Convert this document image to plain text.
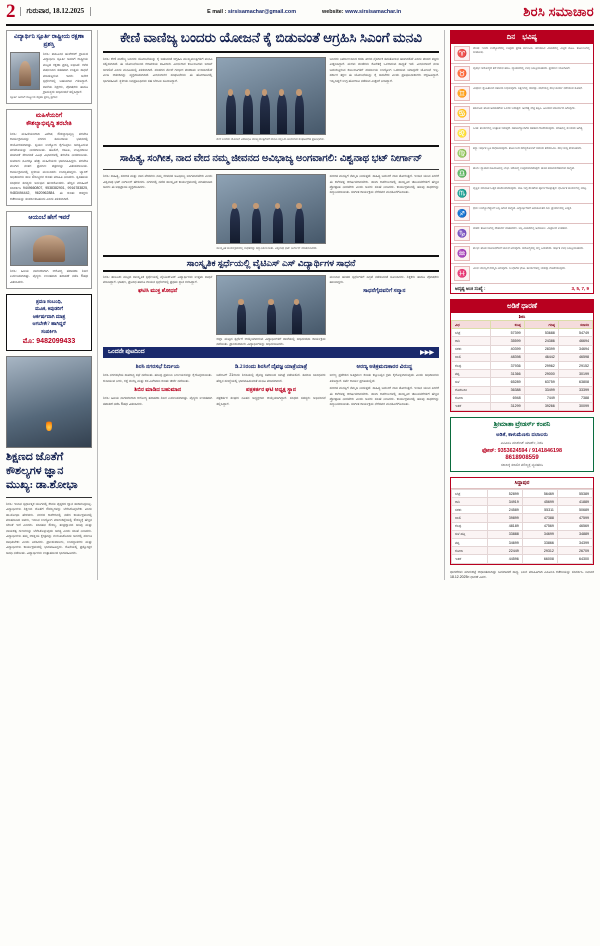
2	ಗುರುವಾರ, 18.12.2025	E mail : sirsisamachar@gmail.com	website: www.sirsisamachar.in	ಶಿರಸಿ ಸಮಾಚಾರ
ವಿದ್ಯಾರ್ಥಿನಿ ಸ್ಪೂರ್ತಿ ರಾಷ್ಟ್ರೀಯ ರಕ್ಷಣಾ ಪ್ರಶಸ್ತಿ
ಶಿರಸಿ: ತಾಲೂಕಿನ ಹುಲೇಕಲ್ ಗ್ರಾಮದ ವಿದ್ಯಾರ್ಥಿನಿ ಸ್ಪೂರ್ತಿ ಅವರಿಗೆ ರಾಷ್ಟ್ರೀಯ ಮಟ್ಟದ ರಕ್ಷಣಾ ಪ್ರಶಸ್ತಿ ಲಭಿಸಿದೆ. ಕಳೆದ ವರ್ಷದಿಂದ ಸತತವಾಗಿ ಉತ್ತಮ ಸಾಧನೆ ಮಾಡುತ್ತಿರುವ ಇವರು ಅನೇಕ ಸ್ಪರ್ಧೆಗಳಲ್ಲಿ ಬಹುಮಾನ ಗಳಿಸಿದ್ದಾರೆ. ಶಾಲೆಯ ಶಿಕ್ಷಕರು, ಪೋಷಕರು ಹಾಗೂ ಗ್ರಾಮಸ್ಥರು ಅಭಿನಂದನೆ ಸಲ್ಲಿಸಿದ್ದಾರೆ.
ಸ್ಪೂರ್ತಿ ಅವರಿಗೆ ರಾಷ್ಟ್ರೀಯ ರಕ್ಷಣಾ ಪ್ರಶಸ್ತಿ ಪ್ರದಾನ
ಮಹಿಳೆಯರಿಗೆ
ಕೌಶಲ್ಯಾಭಿವೃದ್ಧಿ ತರಬೇತಿ
ಶಿರಸಿ: ಮಹಿಳೆಯರಿಗಾಗಿ ವಿಶೇಷ ಕೌಶಲ್ಯಾಭಿವೃದ್ಧಿ ತರಬೇತಿ ಕಾರ್ಯಕ್ರಮವನ್ನು ನಗರದ ಸಮುದಾಯ ಭವನದಲ್ಲಿ ಆಯೋಜಿಸಲಾಗಿತ್ತು. ಸ್ವಯಂ ಉದ್ಯೋಗ ಕೈಗೊಳ್ಳಲು ಅಗತ್ಯವಿರುವ ತರಬೇತಿಯನ್ನು ನೀಡಲಾಯಿತು. ಹೊಲಿಗೆ, ಕಸೂತಿ, ಉಪ್ಪಿನಕಾಯಿ ತಯಾರಿಕೆ ಸೇರಿದಂತೆ ವಿವಿಧ ವಿಭಾಗಗಳಲ್ಲಿ ತರಬೇತಿ ನೀಡಲಾಯಿತು. ಸುಮಾರು ನೂರಕ್ಕೂ ಹೆಚ್ಚು ಮಹಿಳೆಯರು ಭಾಗವಹಿಸಿದ್ದರು. ತರಬೇತಿ ಮುಗಿದ ನಂತರ ಪ್ರಮಾಣ ಪತ್ರಗಳನ್ನು ವಿತರಿಸಲಾಯಿತು. ಕಾರ್ಯಕ್ರಮದಲ್ಲಿ ಸ್ಥಳೀಯ ಮುಖಂಡರು ಉಪಸ್ಥಿತರಿದ್ದರು. ಬ್ಯಾಂಕ್ ಅಧಿಕಾರಿಗಳು ಸಾಲ ಸೌಲಭ್ಯಗಳ ಕುರಿತು ಮಾಹಿತಿ ನೀಡಿದರು. ಸ್ವಸಹಾಯ ಸಂಘಗಳ ಸದಸ್ಯರು ಅನುಭವ ಹಂಚಿಕೊಂಡರು. ಹೆಚ್ಚಿನ ಮಾಹಿತಿಗೆ ಸಂಪರ್ಕಿಸಿ 9449660807, 9538382901, 9916783825, 9483494442, 9620962884. ಈ ಕುರಿತು ಆಸಕ್ತರು ಕಚೇರಿಯನ್ನು ಸಂಪರ್ಕಿಸಬಹುದು ಎಂದು ತಿಳಿಸಲಾಗಿದೆ.
ಆಯಂಬೆ ಹೇಗೆ ಇವರೆ
ಶಿರಸಿ: ಹಿರಿಯ ನಾಗರಿಕರಿಗಾಗಿ ಆರೋಗ್ಯ ತಪಾಸಣಾ ಶಿಬಿರ ಏರ್ಪಡಿಸಲಾಗಿತ್ತು. ವೈದ್ಯರು ಉಚಿತವಾಗಿ ತಪಾಸಣೆ ನಡೆಸಿ ಔಷಧ ವಿತರಿಸಿದರು.
ಶ್ರವಣ ಸಂಬಂಧಿ,
ಮೂಕ, ಕಿವುಡರಿಗೆ
ಆರ್ಕರ್ಷವಾಗಿ ಮಾತ್ರ
ಆಗಬೇಕೇ? ಹಾಗಿದ್ದರೆ
ಸಂಪರ್ಕಿಸಿ
ಮೊ: 9482099433
ಶಿಕ್ಷಣದ ಜೊತೆಗೆ ಕೌಶಲ್ಯಗಳ ಜ್ಞಾನ ಮುಖ್ಯ: ಡಾ.ಶೋಭಾ
ಶಿರಸಿ: ಇಂದಿನ ಸ್ಪರ್ಧಾತ್ಮಕ ಯುಗದಲ್ಲಿ ಕೇವಲ ಪುಸ್ತಕದ ಜ್ಞಾನ ಸಾಕಾಗುವುದಿಲ್ಲ. ವಿದ್ಯಾರ್ಥಿಗಳು ಶಿಕ್ಷಣದ ಜೊತೆಗೆ ಕೌಶಲ್ಯಗಳನ್ನು ಬೆಳೆಸಿಕೊಳ್ಳಬೇಕು ಎಂದು ಡಾ.ಶೋಭಾ ಹೇಳಿದರು. ನಗರದ ಕಾಲೇಜಿನಲ್ಲಿ ನಡೆದ ಕಾರ್ಯಕ್ರಮದಲ್ಲಿ ಮಾತನಾಡಿದ ಅವರು, ಇಂದಿನ ಉದ್ಯೋಗ ಮಾರುಕಟ್ಟೆಯಲ್ಲಿ ಕೌಶಲ್ಯಕ್ಕೆ ಹೆಚ್ಚಿನ ಬೇಡಿಕೆ ಇದೆ ಎಂದರು. ಸಂವಹನ ಕೌಶಲ್ಯ, ತಂತ್ರಜ್ಞಾನದ ಅರಿವು ಮತ್ತು ನಾಯಕತ್ವ ಗುಣಗಳನ್ನು ಬೆಳೆಸಿಕೊಳ್ಳುವುದು ಅಗತ್ಯ ಎಂದು ಸಲಹೆ ನೀಡಿದರು. ವಿದ್ಯಾರ್ಥಿಗಳು ತಮ್ಮ ಆಸಕ್ತಿಯ ಕ್ಷೇತ್ರವನ್ನು ಗುರುತಿಸಿಕೊಂಡು ಅದರಲ್ಲಿ ಪರಿಣತಿ ಸಾಧಿಸಬೇಕು ಎಂದು ತಿಳಿಸಿದರು. ಪ್ರಾಂಶುಪಾಲರು, ಉಪನ್ಯಾಸಕರು ಮತ್ತು ವಿದ್ಯಾರ್ಥಿಗಳು ಕಾರ್ಯಕ್ರಮದಲ್ಲಿ ಭಾಗವಹಿಸಿದ್ದರು. ಕೊನೆಯಲ್ಲಿ ಪ್ರಶ್ನೋತ್ತರ ಅವಧಿ ನಡೆಯಿತು. ವಿದ್ಯಾರ್ಥಿಗಳು ಉತ್ಸಾಹದಿಂದ ಭಾಗವಹಿಸಿದರು.
ಕೇಣಿ ವಾಣಿಜ್ಯ ಬಂದರು ಯೋಜನೆ ಕೈ ಬಿಡುವಂತೆ ಆಗ್ರಹಿಸಿ ಸಿಎಂಗೆ ಮನವಿ
ಶಿರಸಿ: ಕೇಣಿ ವಾಣಿಜ್ಯ ಬಂದರು ಯೋಜನೆಯನ್ನು ಕೈ ಬಿಡುವಂತೆ ಆಗ್ರಹಿಸಿ ಮುಖ್ಯಮಂತ್ರಿಗಳಿಗೆ ಮನವಿ ಸಲ್ಲಿಸಲಾಗಿದೆ. ಈ ಯೋಜನೆಯಿಂದ ಕರಾವಳಿಯ ಸಾವಿರಾರು ಮೀನುಗಾರ ಕುಟುಂಬಗಳು ಬೀದಿಗೆ ಬೀಳಲಿವೆ ಎಂದು ಮನವಿಯಲ್ಲಿ ತಿಳಿಸಲಾಗಿದೆ. ಪರಿಸರದ ಮೇಲೆ ಗಂಭೀರ ಪರಿಣಾಮ ಉಂಟಾಗಲಿದೆ ಎಂಬ ಆತಂಕವನ್ನು ವ್ಯಕ್ತಪಡಿಸಲಾಗಿದೆ. ಮೀನುಗಾರರ ಸಂಘಟನೆಗಳು ಈ ಹೋರಾಟದಲ್ಲಿ ಭಾಗವಹಿಸಿವೆ. ಸ್ಥಳೀಯ ಜನಪ್ರತಿನಿಧಿಗಳು ಸಹ ಬೆಂಬಲ ಸೂಚಿಸಿದ್ದಾರೆ.
ಕೇಣಿ ಬಂದರು ಯೋಜನೆ ವಿರೋಧಿಸಿ ಮುಖ್ಯಮಂತ್ರಿಗಳಿಗೆ ಮನವಿ ಸಲ್ಲಿಸಿದ ಮೀನುಗಾರ ಸಂಘಟನೆಗಳ ಪ್ರತಿನಿಧಿಗಳು.
ಬಂದರು ನಿರ್ಮಾಣದಿಂದ ಕಡಲ ತೀರದ ನೈಸರ್ಗಿಕ ಸಮತೋಲನ ಹಾಳಾಗಲಿದೆ ಎಂದು ಪರಿಸರ ತಜ್ಞರು ಎಚ್ಚರಿಸಿದ್ದಾರೆ. ಮರಳು ದಂಡೆಗಳು ಕೊರೆತಕ್ಕೆ ಒಳಗಾಗುವ ಸಾಧ್ಯತೆ ಇದೆ. ಮೀನುಗಾರಿಕೆ ನಂಬಿ ಬದುಕುತ್ತಿರುವ ಕುಟುಂಬಗಳಿಗೆ ಪರ್ಯಾಯ ಉದ್ಯೋಗ ಒದಗಿಸುವ ಯಾವುದೇ ಯೋಜನೆ ಇಲ್ಲ. ಸರ್ಕಾರ ತಕ್ಷಣ ಈ ಯೋಜನೆಯನ್ನು ಕೈ ಬಿಡಬೇಕು ಎಂದು ಪ್ರತಿಭಟನಾಕಾರರು ಆಗ್ರಹಿಸಿದ್ದಾರೆ. ಇಲ್ಲದಿದ್ದರೆ ಉಗ್ರ ಹೋರಾಟ ನಡೆಸುವ ಎಚ್ಚರಿಕೆ ನೀಡಿದ್ದಾರೆ.
ಸಾಹಿತ್ಯ, ಸಂಗೀತ, ನಾದ ವೇದ ನಮ್ಮ ಜೀವನದ ಅವಿಭಾಜ್ಯ ಅಂಗವಾಗಲಿ: ವಿಶ್ವನಾಥ ಭಟ್ ನೀರ್ಗಾನ್
ಶಿರಸಿ: ಸಾಹಿತ್ಯ, ಸಂಗೀತ ಮತ್ತು ನಾದ ವೇದಗಳು ನಮ್ಮ ಜೀವನದ ಅವಿಭಾಜ್ಯ ಅಂಗವಾಗಬೇಕು ಎಂದು ವಿಶ್ವನಾಥ ಭಟ್ ನೀರ್ಗಾನ್ ಹೇಳಿದರು. ನಗರದಲ್ಲಿ ನಡೆದ ಸಾಂಸ್ಕೃತಿಕ ಕಾರ್ಯಕ್ರಮದಲ್ಲಿ ಮಾತನಾಡಿದ ಅವರು ಈ ಅಭಿಪ್ರಾಯ ವ್ಯಕ್ತಪಡಿಸಿದರು.
ಸಾಂಸ್ಕೃತಿಕ ಕಾರ್ಯಕ್ರಮದಲ್ಲಿ ಸಾಧಕರನ್ನು ಸನ್ಮಾನಿಸಲಾಯಿತು. ವಿಶ್ವನಾಥ ಭಟ್ ನೀರ್ಗಾನ್ ಮಾತನಾಡಿದರು.
ಸಂಗೀತ ಮನಸ್ಸಿಗೆ ನೆಮ್ಮದಿ ನೀಡುತ್ತದೆ. ಸಾಹಿತ್ಯ ಬದುಕಿಗೆ ದಾರಿ ತೋರುತ್ತದೆ. ಇಂದಿನ ಯುವ ಪೀಳಿಗೆ ಈ ಕಲೆಗಳತ್ತ ಆಕರ್ಷಿತರಾಗಬೇಕು. ಶಾಲಾ ಕಾಲೇಜುಗಳಲ್ಲಿ ಸಾಂಸ್ಕೃತಿಕ ಚಟುವಟಿಕೆಗಳಿಗೆ ಹೆಚ್ಚಿನ ಪ್ರೋತ್ಸಾಹ ನೀಡಬೇಕು ಎಂದು ಅವರು ಸಲಹೆ ನೀಡಿದರು. ಕಾರ್ಯಕ್ರಮದಲ್ಲಿ ಹಲವು ಸಾಧಕರನ್ನು ಸನ್ಮಾನಿಸಲಾಯಿತು. ಸಂಗೀತ ಕಾರ್ಯಕ್ರಮ ನೆರೆದವರ ಮನಸೂರೆಗೊಂಡಿತು.
ಸಾಂಸ್ಕೃತಿಕ ಸ್ಪರ್ಧೆಯಲ್ಲಿ ವೈಟಿಎಸ್ ಎಸ್ ವಿದ್ಯಾರ್ಥಿಗಳ ಸಾಧನೆ
ಶಿರಸಿ: ತಾಲೂಕು ಮಟ್ಟದ ಸಾಂಸ್ಕೃತಿಕ ಸ್ಪರ್ಧೆಯಲ್ಲಿ ವೈಟಿಎಸ್ಎಸ್ ವಿದ್ಯಾರ್ಥಿಗಳು ಉತ್ತಮ ಸಾಧನೆ ಮಾಡಿದ್ದಾರೆ. ಭಾಷಣ, ಪ್ರಬಂಧ ಹಾಗೂ ಗಾಯನ ಸ್ಪರ್ಧೆಗಳಲ್ಲಿ ಪ್ರಥಮ ಸ್ಥಾನ ಗಳಿಸಿದ್ದಾರೆ.
ಘಟಿಸಿ ಮುಕ್ತ ಶೋಧನೆ
ಜಿಲ್ಲಾ ಮಟ್ಟದ ಸ್ಪರ್ಧೆಗೆ ಆಯ್ಕೆಯಾಗಿರುವ ವಿದ್ಯಾರ್ಥಿಗಳಿಗೆ ಶಾಲೆಯಲ್ಲಿ ಅಭಿನಂದನಾ ಕಾರ್ಯಕ್ರಮ ನಡೆಯಿತು. ಪ್ರಾಂಶುಪಾಲರು ವಿದ್ಯಾರ್ಥಿಗಳನ್ನು ಅಭಿನಂದಿಸಿದರು.
ಮುಂದಿನ ಹಂತದ ಸ್ಪರ್ಧೆಗಳಿಗೆ ಸಿದ್ಧತೆ ನಡೆಸುವಂತೆ ಸೂಚಿಸಿದರು. ಶಿಕ್ಷಕರು ಹಾಗೂ ಪೋಷಕರು ಹಾಜರಿದ್ದರು.
ಸಾಧನೆಗೈದವರಿಗೆ ಸನ್ಮಾನ
ಒಂದನೇ ಪುಟದಿಂದ	▶▶▶
ಶಿರಸಿ ನಗರಸಭೆ ನಿರ್ಣಯ
ಶಿರಸಿ ನಗರಸಭೆಯ ಸಾಮಾನ್ಯ ಸಭೆ ನಡೆಯಿತು. ಹಲವು ಪ್ರಮುಖ ನಿರ್ಣಯಗಳನ್ನು ಕೈಗೊಳ್ಳಲಾಯಿತು. ಕುಡಿಯುವ ನೀರು, ರಸ್ತೆ ದುರಸ್ತಿ ಮತ್ತು ಕಸ ವಿಲೇವಾರಿ ಕುರಿತು ಚರ್ಚೆ ನಡೆಯಿತು.
ಶಿಬಿರ ಮಾಡಿದ ಬಹುಮಾನ
ಶಿರಸಿ: ಹಿರಿಯ ನಾಗರಿಕರಿಗಾಗಿ ಆರೋಗ್ಯ ತಪಾಸಣಾ ಶಿಬಿರ ಏರ್ಪಡಿಸಲಾಗಿತ್ತು. ವೈದ್ಯರು ಉಚಿತವಾಗಿ ತಪಾಸಣೆ ನಡೆಸಿ ಔಷಧ ವಿತರಿಸಿದರು.
ಡಿ.21ರಂದು ಶಿರಸಿಗೆ ದೈವಜ್ಞ ಯಾತ್ರೆಯಾತ್ರೆ
ಡಿಸೆಂಬರ್ 21ರಂದು ಶಿರಸಿಯಲ್ಲಿ ದೈವಜ್ಞ ಸಮಾಜದ ಯಾತ್ರೆ ನಡೆಯಲಿದೆ. ಸಮಾಜ ಬಾಂಧವರು ಹೆಚ್ಚಿನ ಸಂಖ್ಯೆಯಲ್ಲಿ ಭಾಗವಹಿಸುವಂತೆ ಮನವಿ ಮಾಡಲಾಗಿದೆ.
ಪತ್ರಕರ್ತರ ಘಟಿ ಅಧ್ಯಕ್ಷ ಸ್ಥಾನ
ಪತ್ರಕರ್ತರ ಸಂಘದ ನೂತನ ಅಧ್ಯಕ್ಷರಾಗಿ ಆಯ್ಕೆಯಾಗಿದ್ದಾರೆ. ಸಂಘದ ಸದಸ್ಯರು ಅಭಿನಂದನೆ ಸಲ್ಲಿಸಿದ್ದಾರೆ.
ಅರಣ್ಯ ಅತಿಕ್ರಮಣಕಾರರ ವಿರುದ್ಧ
ಅರಣ್ಯ ಪ್ರದೇಶದ ಅತಿಕ್ರಮಣ ಕುರಿತು ಕಟ್ಟುನಿಟ್ಟಿನ ಕ್ರಮ ಕೈಗೊಳ್ಳಲಾಗುವುದು ಎಂದು ಅಧಿಕಾರಿಗಳು ತಿಳಿಸಿದ್ದಾರೆ. ಸರ್ವೆ ಕಾರ್ಯ ಪ್ರಗತಿಯಲ್ಲಿದೆ.
ಸಂಗೀತ ಮನಸ್ಸಿಗೆ ನೆಮ್ಮದಿ ನೀಡುತ್ತದೆ. ಸಾಹಿತ್ಯ ಬದುಕಿಗೆ ದಾರಿ ತೋರುತ್ತದೆ. ಇಂದಿನ ಯುವ ಪೀಳಿಗೆ ಈ ಕಲೆಗಳತ್ತ ಆಕರ್ಷಿತರಾಗಬೇಕು. ಶಾಲಾ ಕಾಲೇಜುಗಳಲ್ಲಿ ಸಾಂಸ್ಕೃತಿಕ ಚಟುವಟಿಕೆಗಳಿಗೆ ಹೆಚ್ಚಿನ ಪ್ರೋತ್ಸಾಹ ನೀಡಬೇಕು ಎಂದು ಅವರು ಸಲಹೆ ನೀಡಿದರು. ಕಾರ್ಯಕ್ರಮದಲ್ಲಿ ಹಲವು ಸಾಧಕರನ್ನು ಸನ್ಮಾನಿಸಲಾಯಿತು. ಸಂಗೀತ ಕಾರ್ಯಕ್ರಮ ನೆರೆದವರ ಮನಸೂರೆಗೊಂಡಿತು.
ದಿನ ಭವಿಷ್ಯ
♈
ಮೇಷ: ಇಂದು ಉದ್ಯೋಗದಲ್ಲಿ ಉತ್ತಮ ಪ್ರಗತಿ ಕಾಣುವಿರಿ. ಹಣಕಾಸಿನ ವಿಚಾರದಲ್ಲಿ ಎಚ್ಚರ ವಹಿಸಿ. ಕುಟುಂಬದಲ್ಲಿ ಸಂತೋಷ.
♉
ವೃಷಭ: ಆರೋಗ್ಯದ ಕಡೆ ಗಮನ ಹರಿಸಿ. ವ್ಯಾಪಾರದಲ್ಲಿ ಲಾಭ ನಿರೀಕ್ಷಿಸಬಹುದು. ಪ್ರಯಾಣ ಯೋಗವಿದೆ.
♊
ಮಿಥುನ: ಸ್ನೇಹಿತರಿಂದ ಸಹಾಯ ಲಭಿಸುವುದು. ಶಿಕ್ಷಣದಲ್ಲಿ ಯಶಸ್ಸು. ಮನೆಯಲ್ಲಿ ಶುಭ ಕಾರ್ಯ ನಡೆಯುವ ಸೂಚನೆ.
♋
ಕರ್ಕಾಟಕ: ಹೊಸ ಅವಕಾಶಗಳು ಒಲಿದು ಬರುತ್ತವೆ. ಅನಗತ್ಯ ವೆಚ್ಚ ತಪ್ಪಿಸಿ. ಹಿರಿಯರ ಆಶೀರ್ವಾದ ಸಿಗುವುದು.
♌
ಸಿಂಹ: ಕಾರ್ಯದಲ್ಲಿ ಉತ್ಸಾಹ ಇರುತ್ತದೆ. ಸಹೋದ್ಯೋಗಿಗಳ ಸಹಕಾರ ದೊರೆಯುವುದು. ಮಾತಿನಲ್ಲಿ ಸಂಯಮ ಅಗತ್ಯ.
♍
ಕನ್ಯಾ: ಆರ್ಥಿಕ ಸ್ಥಿತಿ ಸುಧಾರಿಸುವುದು. ಕುಟುಂಬದ ಸದಸ್ಯರೊಂದಿಗೆ ಸಮಯ ಕಳೆಯುವಿರಿ. ಶುಭ ಸುದ್ದಿ ಕೇಳಬಹುದು.
♎
ತುಲಾ: ವ್ಯಾಪಾರ ವಹಿವಾಟಿನಲ್ಲಿ ಲಾಭ. ಆರೋಗ್ಯ ಉತ್ತಮವಾಗಿರುತ್ತದೆ. ಹೊಸ ಪರಿಚಯಗಳಾಗುವ ಸಾಧ್ಯತೆ.
♏
ವೃಶ್ಚಿಕ: ಮಾನಸಿಕ ಒತ್ತಡ ಕಡಿಮೆಯಾಗುವುದು. ಬಾಕಿ ಇದ್ದ ಕೆಲಸಗಳು ಪೂರ್ಣಗೊಳ್ಳುತ್ತವೆ. ಧಾರ್ಮಿಕ ಕಾರ್ಯದಲ್ಲಿ ಆಸಕ್ತಿ.
♐
ಧನು: ಉದ್ಯೋಗಸ್ಥರಿಗೆ ಬಡ್ತಿ ಸಿಗುವ ಸಾಧ್ಯತೆ. ವಿದ್ಯಾರ್ಥಿಗಳಿಗೆ ಅನುಕೂಲಕರ ದಿನ. ಪ್ರಯಾಣದಲ್ಲಿ ಎಚ್ಚರ.
♑
ಮಕರ: ಕುಟುಂಬದಲ್ಲಿ ಸೌಹಾರ್ದ ವಾತಾವರಣ. ಆಸ್ತಿ ವಿಚಾರದಲ್ಲಿ ಅನುಕೂಲ. ಮಿತ್ರರಿಂದ ಉಪಕಾರ.
♒
ಕುಂಭ: ಹೊಸ ಯೋಜನೆಗಳಿಗೆ ಚಾಲನೆ ಸಿಗುವುದು. ಆರೋಗ್ಯದಲ್ಲಿ ಸಣ್ಣ ಏರುಪೇರು. ಆರ್ಥಿಕ ಲಾಭ ನಿರೀಕ್ಷಿಸಬಹುದು.
♓
ಮೀನ: ಮನಸ್ಸಿಗೆ ನೆಮ್ಮದಿ ಸಿಗುವುದು. ಬಂಧುಗಳ ಭೇಟಿ. ಕಾರ್ಯಗಳಲ್ಲಿ ಯಶಸ್ಸು ದೊರೆಯುವುದು.
ಅದೃಷ್ಟ ಅಂಕಿ ಸಂಖ್ಯೆ :	3, 5, 7, 9
ಅಡಿಕೆ ಧಾರಣೆ
ಶಿರಸಿ
ವಿಧ	ಕನಿಷ್ಠ	ಗರಿಷ್ಠ	ಸರಾಸರಿ
ಬೆಟ್ಟೆ	57399	53688	54749
ರಾಶಿ	35599	24386	46694
ಸರಕು	40399	28399	34694
ಚಾಲಿ	48398	46442	46598
ಕೆಂಪು	37936	29962	29152
ತಟ್ಟಿ	31366	29000	30199
ಬಿಳೆ	65289	63759	63808
ಗೊರಬಲು	36388	33499	33399
ಕೋಕಾ	6948	7449	7388
ಇತರೆ	31299	39266	30099
ಶ್ರೀಮಾತಾ ಟ್ರೇಡರ್ಸ್ ಕಂಪನಿ
ಅಡಿಕೆ, ಕಾಳುಮೆಣಸು ದಲಾಲರು
ಎಪಿಎಂಸಿ ಮಾರ್ಕೆಟ್ ಯಾರ್ಡ್, ಶಿರಸಿ
ಫೋನ್: 9353624594 / 9141846198
8618908559
ಸಕಾಲಕ್ಕೆ ಸಕಾಲಿಕ ಮೌಲ್ಯಕ್ಕೆ ವ್ಯವಹರಿಸಿ
ಸಿದ್ದಾಪುರ
ಬೆಟ್ಟೆ	52899	56469	55389
ರಾಶಿ	34919	45699	41889
ಸರಕು	24589	55311	50689
ಚಾಲಿ	39899	47388	47599
ಕೆಂಪು	48189	47569	46569
ಬಿಳೆ ಹತ್ತಿ	33888	34699	34889
ತಟ್ಟಿ	34699	33866	34399
ಕೋಕಾ	22449	29312	26709
ಇತರೆ	44596	66008	64300
ಧಾರಣೆಗಳು ಮಾರುಕಟ್ಟೆ ಆಧಾರಿತವಾಗಿದ್ದು ಬದಲಾವಣೆ ಸಾಧ್ಯ. ನಿಖರ ಮಾಹಿತಿಗಾಗಿ ಎಪಿಎಂಸಿ ಕಚೇರಿಯನ್ನು ಸಂಪರ್ಕಿಸಿ. ದಿನಾಂಕ 18.12.2025ರ ಧಾರಣೆ ವಿವರ.
